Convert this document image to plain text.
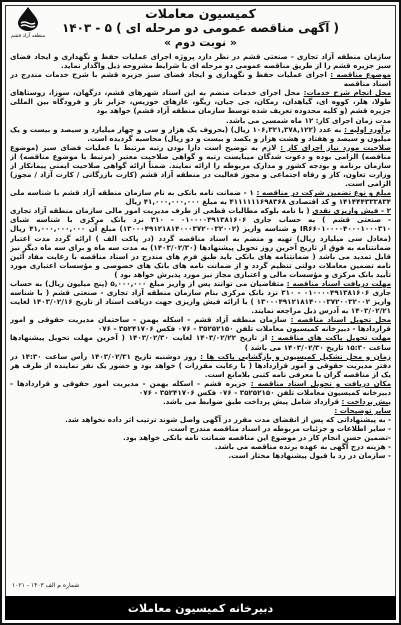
منطقه آزاد قشم
کمیسیون معاملات
( آگهی مناقصه عمومی دو مرحله ای ) ۵ - ۱۴۰۳
« نوبت دوم »

سازمان منطقه آزاد تجاری - صنعتی قشم در نظر دارد پروژه اجرای عملیات حفظ و نگهداری و ایجاد فضای سبز جزیره قشم را از طریق مناقصه عمومی دو مرحله ای با شرایط مشروحه ذیل واگذار نماید.

موضوع مناقصه : اجرای عملیات حفظ و نگهداری و ایجاد فضای سبز جزیره قشم با شرح خدمات مندرج در اسناد مناقصه

محل انجام شرح خدمات: محل اجرای خدمات منضم به این اسناد شهرهای قشم، درگهان، سوزا، روستاهای طولا، هلر، کووه ای، گیاهدان، رمکان، جی جیان، ریگو، عارهای خوریس، جزایر ناز و فرودگاه بین المللی جزیره قشم (و کلیه محدوده تعریف شده توسط سازمان منطقه آزاد قشم) خواهد بود

مدت زمان اجرای کار: ۱۲ ماه شمسی می باشد.

برآورد اولیه : به عدد (۱۰۶,۳۲۱,۳۷۸,۱۲۲ ریال) (بحروف یک هزار و سی و چهار میلیارد و سیصد و بیست و یک میلیون و سیصد و هفتاد و هشت هزار و یکصد و بیست و دو ریال) محاسبه گردیده است.

صلاحیت مورد نیاز اجرای کار : لازم به توضیح است دارا بودن رتبه مرتبط با عملیات فضای سبز (موضوع مناقصه) الزامی بوده و دعوت شدگان میبایست رتبه و گواهی صلاحیت معتبر (مرتبط با موضوع مناقصه) از سازمان برنامه و بودجه کشور و مدارک مربوطه را ارائه نمایند. ضمناً ارائه گواهی صلاحیت ایمنی پیمانکار از وزارت تعاون، کار و رفاه اجتماعی و مجوز فعالیت در منطقه آزاد قشم (کارت بازرگانی / کارت آزاد / مجوز) الزامی است.

مبلغ و نوع تضمین شرکت در مناقصه : ۱ - ضمانت نامه بانکی به نام سازمان منطقه آزاد قشم با شناسه ملی ۱۴۱۴۴۴۳۳۳۸۳۴ و کد اقتصادی ۴۱۱۱۱۱۱۶۹۸۳۶۸ به مبلغ ۴۱,۰۰۰,۰۰۰,۰۰۰ ریال

۲ - فیش واریزی نقدی ( با نامه بلوکه مطالبات قطعی از طرف مدیریت امور مالی سازمان منطقه آزاد تجاری - صنعتی قشم ) به حساب جاری ۰۱۰۰۰۰۴۹۱۳۸۱۶۰۶ - ۳۱۰ نزد بانک مرکزی با شناسه شبای IR۶۶۰۱۰۰۰۰۴۰۰۰۱۰۰۰۳۱۰ و شناسه واریز (۱۳۰۰۰۴۹۱۲۱۸۱۴۰۰۰۳۷۲۰۰۳۲۰۰۲) مبلغ آن ۴۱,۰۰۰,۰۰۰,۰۰۰ ریال (معادل سی میلیارد ریال) تهیه و منضم به اسناد مناقصه گردد (در پاکت الف ) ارائه گردد مدت اعتبار ضمانتنامه به فوق از تاریخ آخرین روز تحویل پیشنهادها (۱۴۰۳/۰۲/۳۰) به مدت سه ماه و برای سه ماه دیگر نیز قابل تمدید می باشد ( ضمانتنامه های بانکی باید طبق فرم های مندرج در اسناد مناقصه با رعایت مفاد آئین نامه تضمین معاملات دولتی تنظیم گردد و از ضمانت نامه های بانک های خصوصی و مؤسسات اعتباری مورد تأیید بانک مرکزی و مؤسسات مالی و اعتباری مجاز نیز مورد پذیرش خواهد بود )

مهلت دریافت اسناد مناقصه : متقاضیان می توانند پس از واریز مبلغ ۵,۰۰۰,۰۰۰ (پنج میلیون ریال) به حساب جاری ۰۱۰۰۰۰۴۹۱۳۸۱۶۰۶ - ۳۱۰ نزد بانک مرکزی بنام سازمان منطقه آزاد تجاری - صنعتی قشم ( با شناسه واریز ۱۳۰۰۰۴۹۱۲۱۸۱۴۰۰۰۳۷۲۰۰۳۲۰۰۲ ) با ارائه فیش واریزی جهت دریافت اسناد از تاریخ ۱۴۰۳/۰۲/۱۶ لغایت ۱۴۰۳/۰۲/۲۱ به آدرس ذیل مراجعه نمایند.

محل تحویل اسناد مناقصه : سازمان منطقه آزاد قشم - اسکله بهمن - ساختمان مدیریت حقوقی و امور قراردادها - دبیرخانه کمیسیون معاملات تلفن ۳۵۲۵۲۱۵۰ - ۰۷۶ فکس ۳۵۲۴۱۷۰۶ - ۰۷۶

مهلت تحویل پاکت های مناقصه : از تاریخ ۱۴۰۳/۰۲/۲۲ لغایت ۱۴۰۳/۰۲/۳۰ ( آخرین مهلت تحویل پیشنهادها ساعت ۱۵:۳۰ تاریخ ۱۴۰۳/۰۲/۳۰ می باشد )

زمان و محل تشکیل کمیسیون و بازگشایی پاکت ها : روز دوشنبه تاریخ ۱۴۰۳/۰۲/۳۱ رأس ساعت ۱۴:۳۰ در دفتر مدیریت حقوقی و امور قراردادها ( با رعایت مقررات ) خواهد بود و حضور یک نفر نماینده از طرف هر یک از مناقصه گران با معرفی نامه کتبی بلامانع است.

مکان دریافت و تحویل اسناد مناقصه : جزیره قشم - اسکله بهمن - مدیریت امور حقوقی و قراردادها - دبیرخانه کمیسیون معاملات تلفن ۳۵۲۵۲۱۵۰ - ۰۷۶ فکس ۳۵۲۴۱۷۰۶ - ۰۷۶

پیش پرداخت : قرارداد شامل پیش پرداخت طبق ضوابط می باشد.

سایر توضیحات :

- به پیشنهاداتی که پس از انقضای مدت مقرر در آگهی واصل شوند ترتیب اثر داده نخواهد شد.

- سایر اطلاعات و جزئیات مربوطه در اسناد مناقصه مندرج است.

-تضمین حسن انجام کار در موضوع این مناقصه ضمانت نامه بانکی خواهد بود.

- هزینه درج آگهی به عهده برنده مناقصه می باشد.

- سازمان در رد یا قبول پیشنهادها مختار است.

شماره م الف ۱۴۰۳ - ۱۰۲۱
دبیرخانه کمیسیون معاملات
